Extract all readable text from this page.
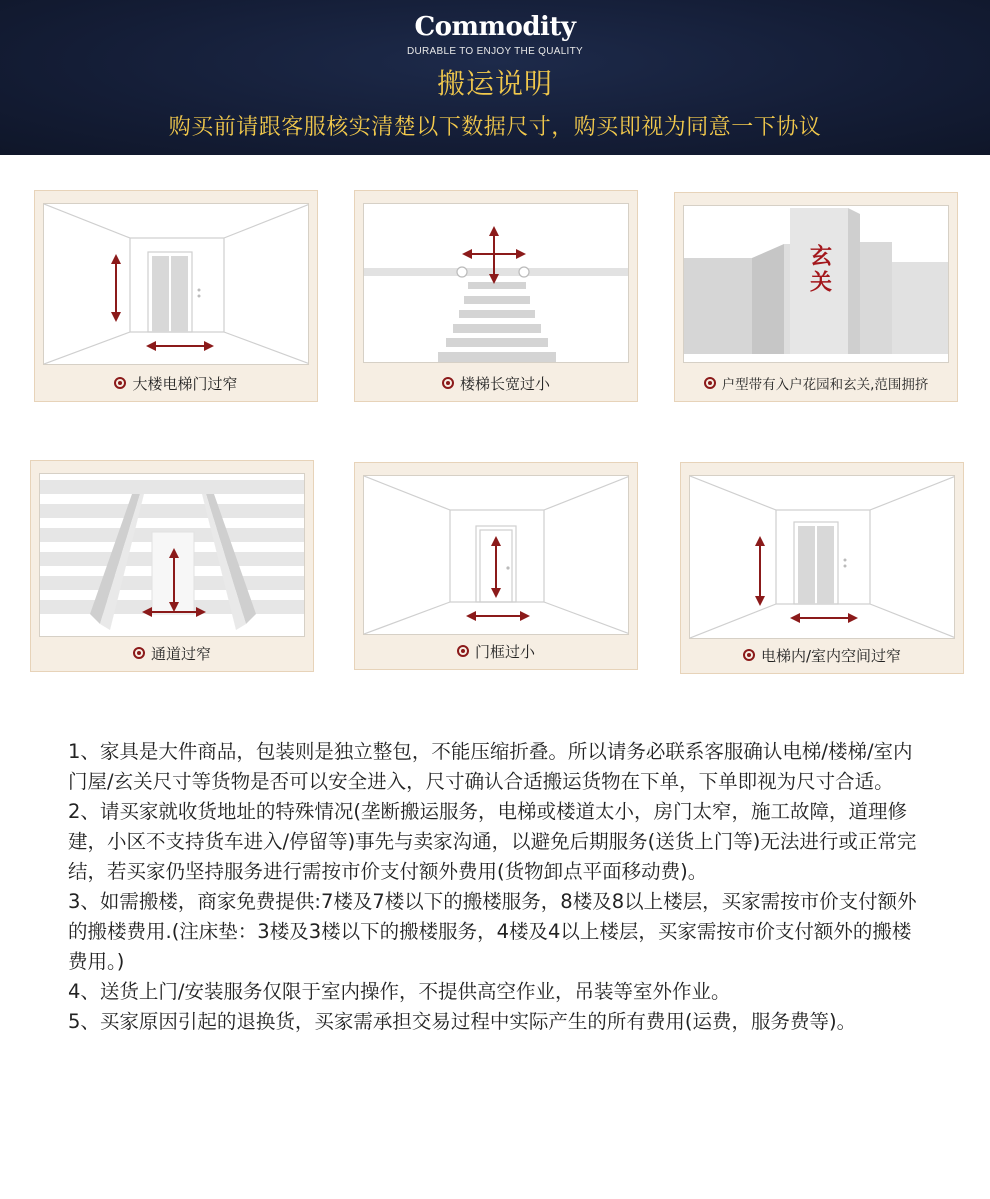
Commodity
DURABLE TO ENJOY THE QUALITY
搬运说明
购买前请跟客服核实清楚以下数据尺寸，购买即视为同意一下协议
大楼电梯门过窄	楼梯长宽过小
玄关
户型带有入户花园和玄关,范围拥挤
通道过窄	门框过小	电梯内/室内空间过窄

1、家具是大件商品，包装则是独立整包，不能压缩折叠。所以请务必联系客服确认电梯/楼梯/室内门屋/玄关尺寸等货物是否可以安全进入，尺寸确认合适搬运货物在下单，下单即视为尺寸合适。

2、请买家就收货地址的特殊情况(垄断搬运服务，电梯或楼道太小，房门太窄，施工故障，道理修建，小区不支持货车进入/停留等)事先与卖家沟通，以避免后期服务(送货上门等)无法进行或正常完结，若买家仍坚持服务进行需按市价支付额外费用(货物卸点平面移动费)。

3、如需搬楼，商家免费提供:7楼及7楼以下的搬楼服务，8楼及8以上楼层，买家需按市价支付额外的搬楼费用.(注床垫：3楼及3楼以下的搬楼服务，4楼及4以上楼层，买家需按市价支付额外的搬楼费用。)

4、送货上门/安装服务仅限于室内操作，不提供高空作业，吊装等室外作业。

5、买家原因引起的退换货，买家需承担交易过程中实际产生的所有费用(运费，服务费等)。
